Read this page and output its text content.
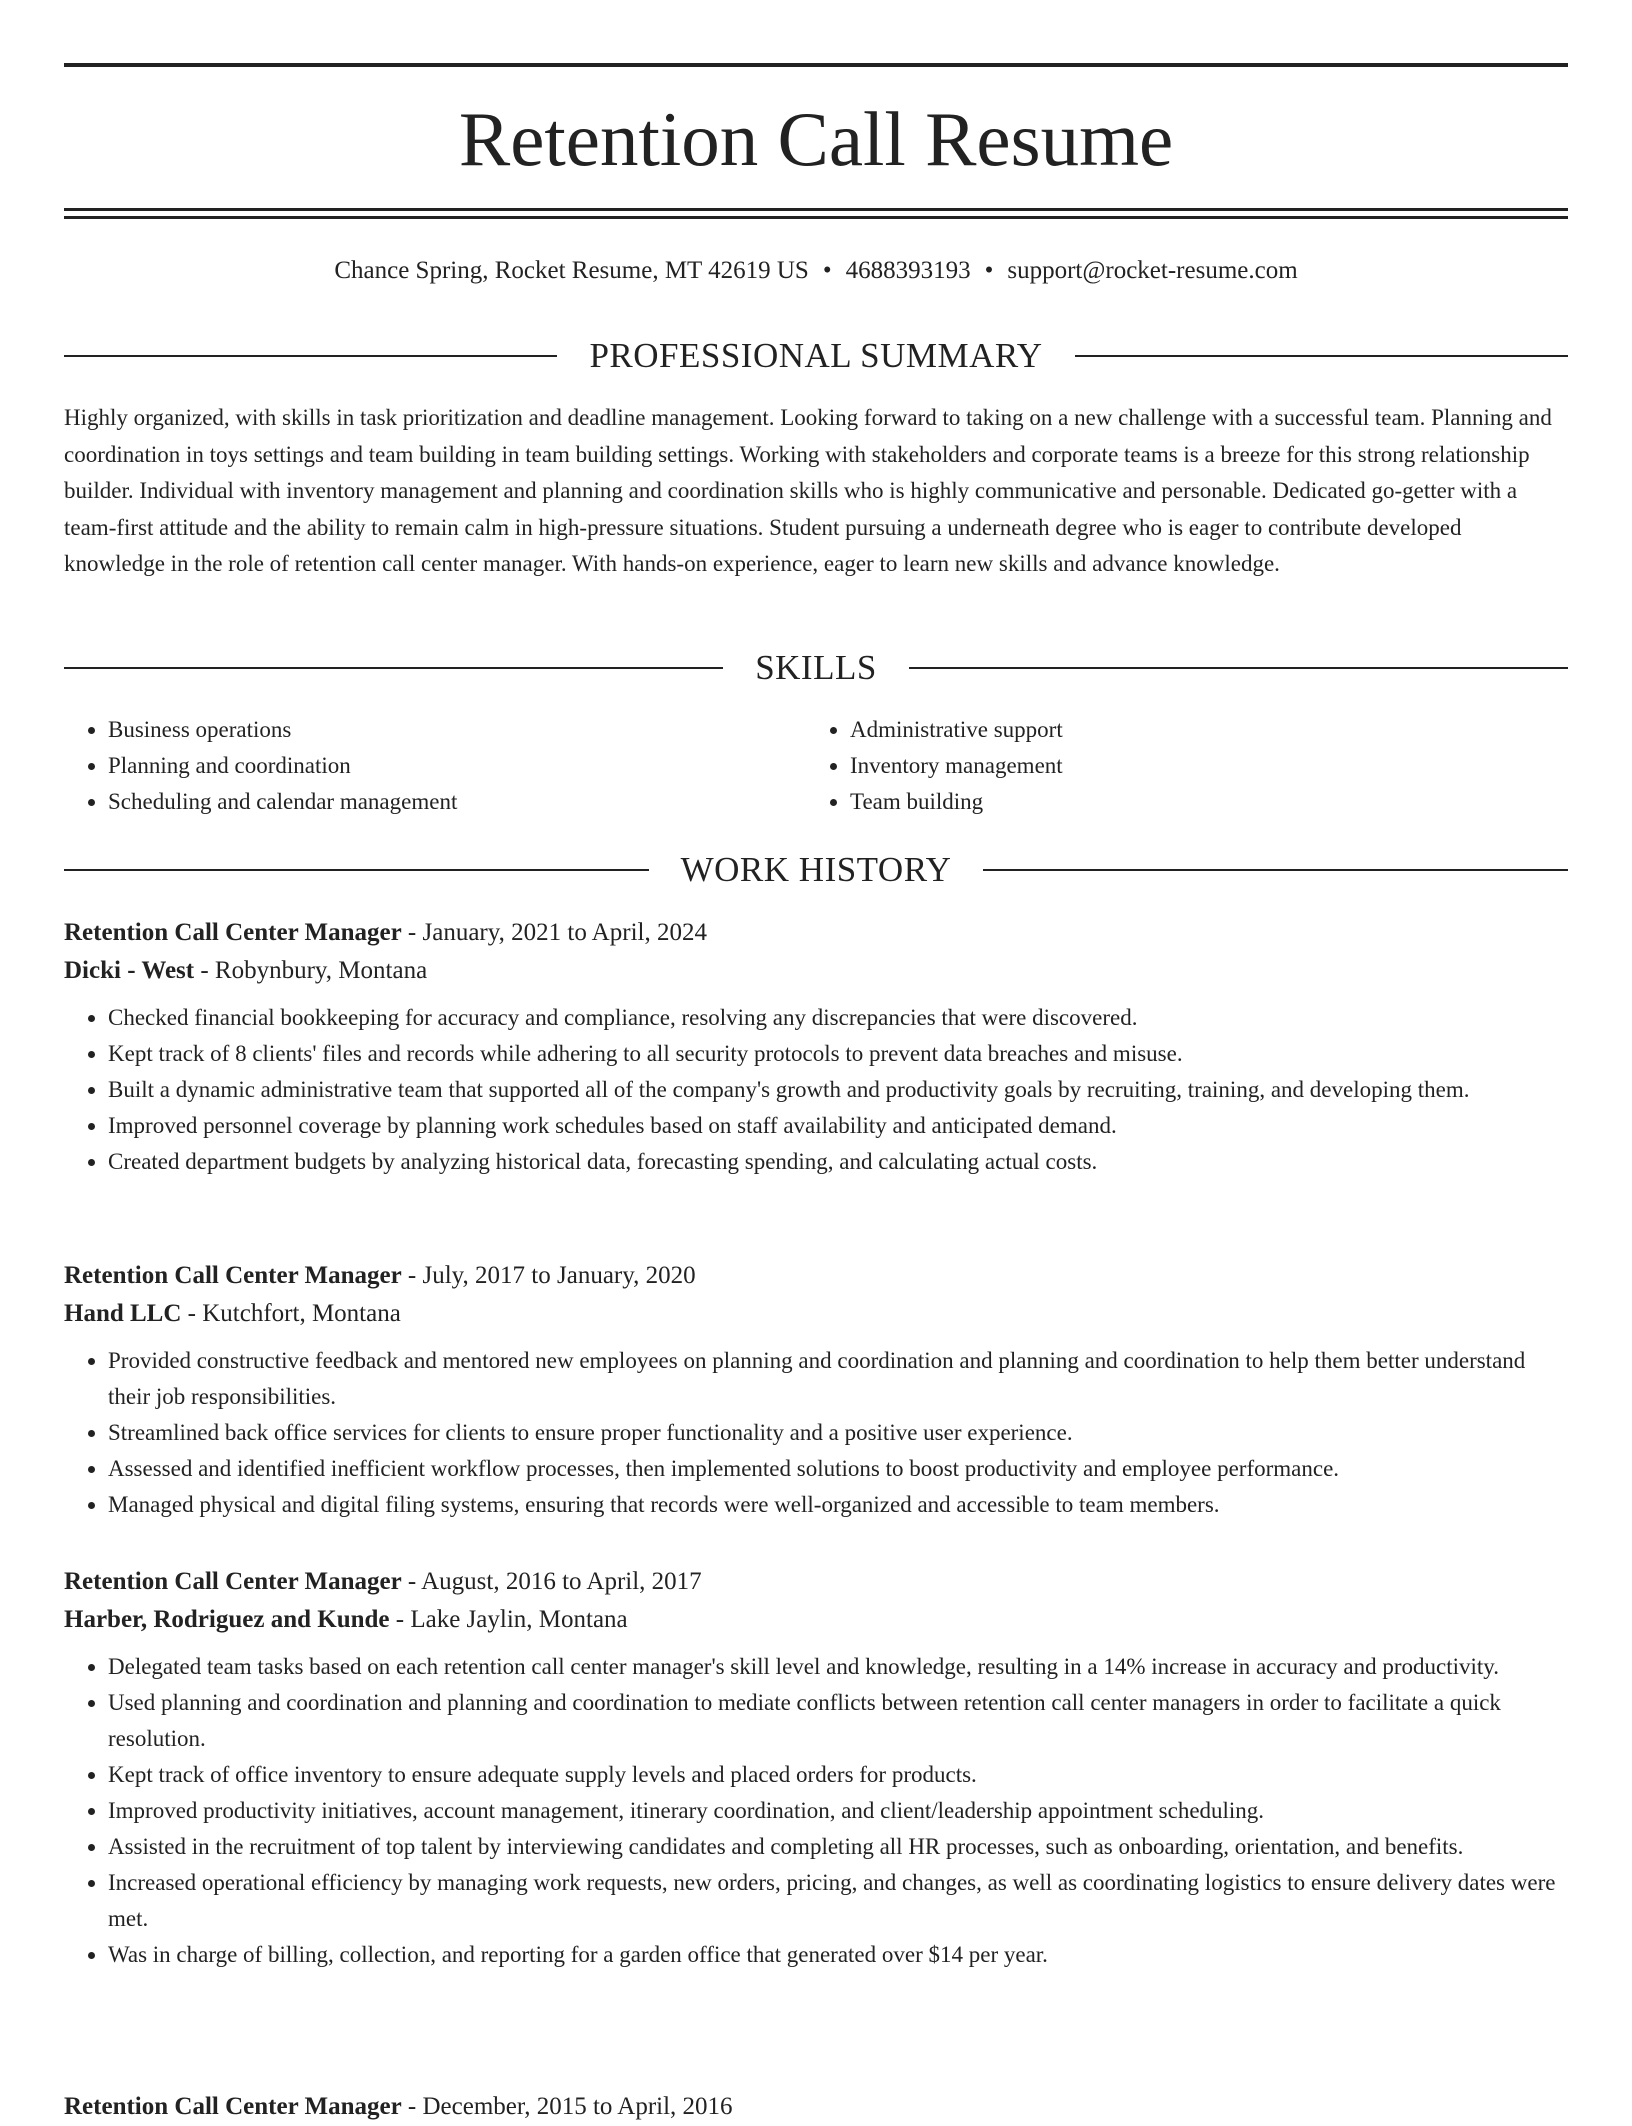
Retention Call Resume
Chance Spring, Rocket Resume, MT 42619 US • 4688393193 • support@rocket-resume.com
PROFESSIONAL SUMMARY

Highly organized, with skills in task prioritization and deadline management. Looking forward to taking on a new challenge with a successful team. Planning and coordination in toys settings and team building in team building settings. Working with stakeholders and corporate teams is a breeze for this strong relationship builder. Individual with inventory management and planning and coordination skills who is highly communicative and personable. Dedicated go-getter with a team-first attitude and the ability to remain calm in high-pressure situations. Student pursuing a underneath degree who is eager to contribute developed knowledge in the role of retention call center manager. With hands-on experience, eager to learn new skills and advance knowledge.

SKILLS
• Business operations
• Planning and coordination
• Scheduling and calendar management
• Administrative support
• Inventory management
• Team building
WORK HISTORY

Retention Call Center Manager - January, 2021 to April, 2024

Dicki - West - Robynbury, Montana

• Checked financial bookkeeping for accuracy and compliance, resolving any discrepancies that were discovered.
• Kept track of 8 clients' files and records while adhering to all security protocols to prevent data breaches and misuse.
• Built a dynamic administrative team that supported all of the company's growth and productivity goals by recruiting, training, and developing them.
• Improved personnel coverage by planning work schedules based on staff availability and anticipated demand.
• Created department budgets by analyzing historical data, forecasting spending, and calculating actual costs.

Retention Call Center Manager - July, 2017 to January, 2020

Hand LLC - Kutchfort, Montana

• Provided constructive feedback and mentored new employees on planning and coordination and planning and coordination to help them better understand their job responsibilities.
• Streamlined back office services for clients to ensure proper functionality and a positive user experience.
• Assessed and identified inefficient workflow processes, then implemented solutions to boost productivity and employee performance.
• Managed physical and digital filing systems, ensuring that records were well-organized and accessible to team members.

Retention Call Center Manager - August, 2016 to April, 2017

Harber, Rodriguez and Kunde - Lake Jaylin, Montana

• Delegated team tasks based on each retention call center manager's skill level and knowledge, resulting in a 14% increase in accuracy and productivity.
• Used planning and coordination and planning and coordination to mediate conflicts between retention call center managers in order to facilitate a quick resolution.
• Kept track of office inventory to ensure adequate supply levels and placed orders for products.
• Improved productivity initiatives, account management, itinerary coordination, and client/leadership appointment scheduling.
• Assisted in the recruitment of top talent by interviewing candidates and completing all HR processes, such as onboarding, orientation, and benefits.
• Increased operational efficiency by managing work requests, new orders, pricing, and changes, as well as coordinating logistics to ensure delivery dates were met.
• Was in charge of billing, collection, and reporting for a garden office that generated over $14 per year.

Retention Call Center Manager - December, 2015 to April, 2016
